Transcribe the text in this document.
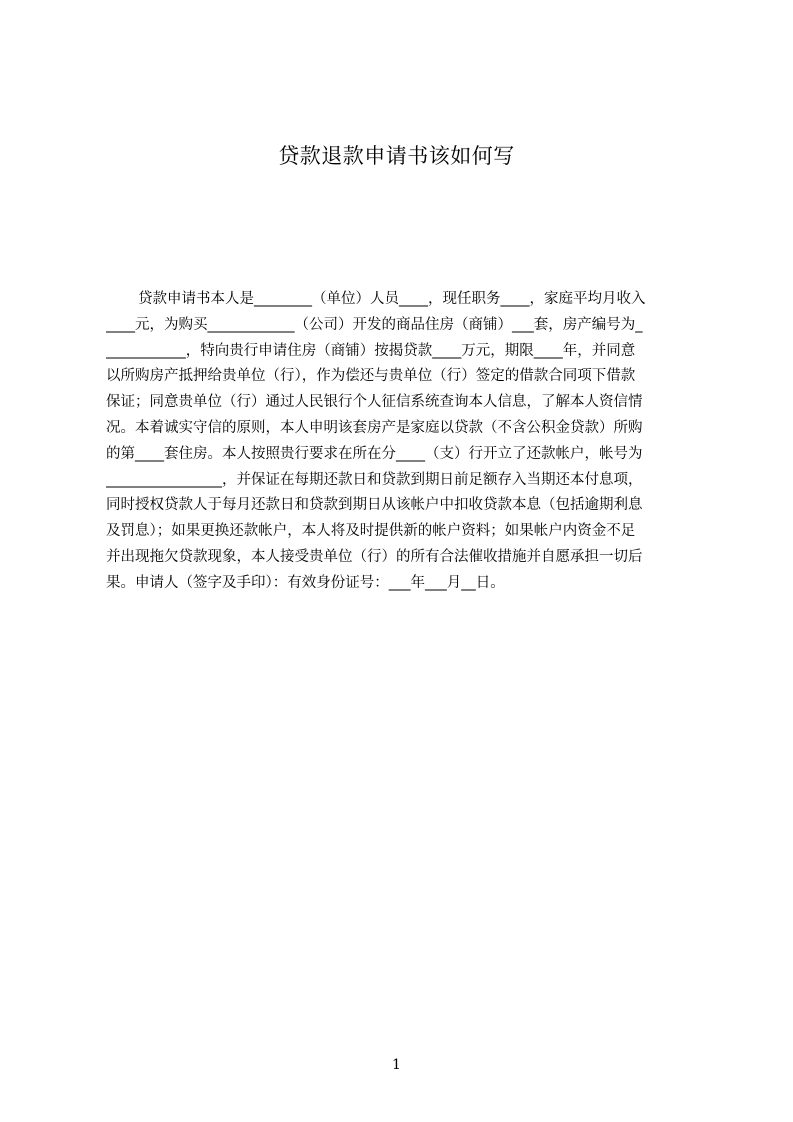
贷款退款申请书该如何写
贷款申请书本人是________（单位）人员____，现任职务____，家庭平均月收入
____元，为购买____________（公司）开发的商品住房（商铺）___套，房产编号为_
___________，特向贵行申请住房（商铺）按揭贷款____万元，期限____年，并同意
以所购房产抵押给贵单位（行），作为偿还与贵单位（行）签定的借款合同项下借款
保证；同意贵单位（行）通过人民银行个人征信系统查询本人信息，了解本人资信情
况。本着诚实守信的原则，本人申明该套房产是家庭以贷款（不含公积金贷款）所购
的第____套住房。本人按照贵行要求在所在分____（支）行开立了还款帐户，帐号为
________________，并保证在每期还款日和贷款到期日前足额存入当期还本付息项，
同时授权贷款人于每月还款日和贷款到期日从该帐户中扣收贷款本息（包括逾期利息
及罚息）；如果更换还款帐户，本人将及时提供新的帐户资料；如果帐户内资金不足
并出现拖欠贷款现象，本人接受贵单位（行）的所有合法催收措施并自愿承担一切后
果。申请人（签字及手印）：有效身份证号：___年___月__日。
1
